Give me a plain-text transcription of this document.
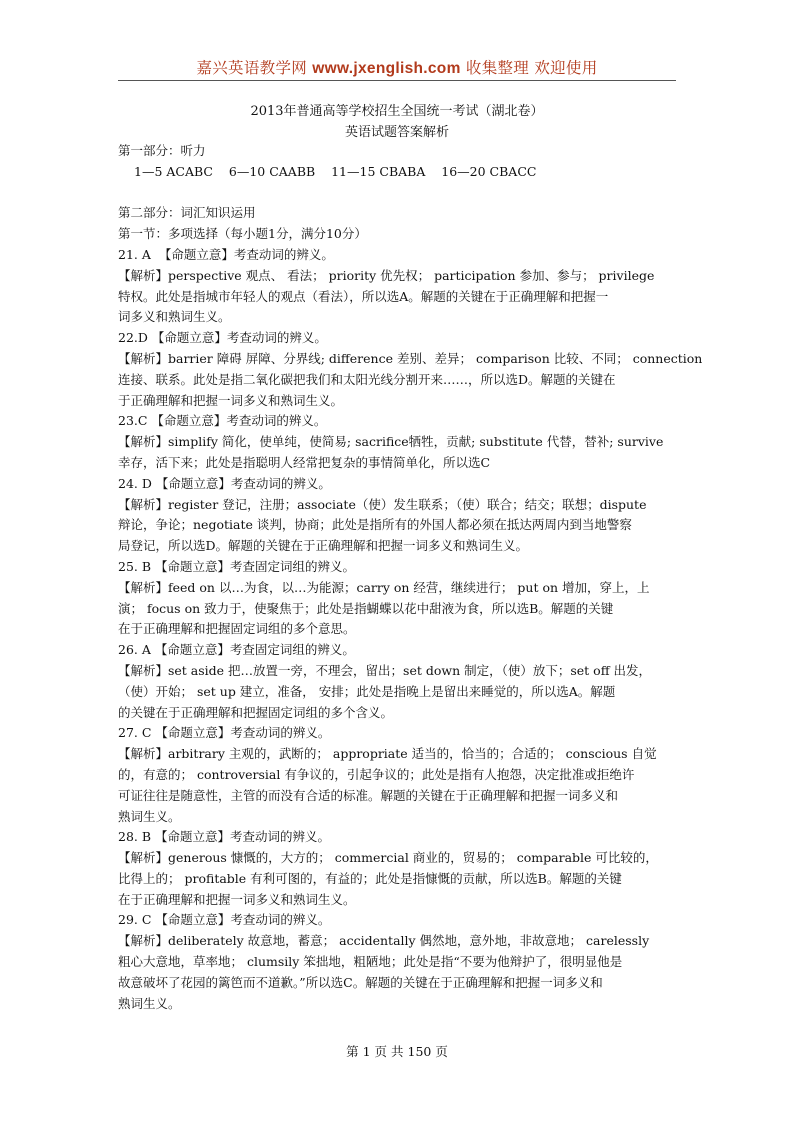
嘉兴英语教学网 www.jxenglish.com 收集整理 欢迎使用
2013年普通高等学校招生全国统一考试（湖北卷）
英语试题答案解析
第一部分：听力
1—5 ACABC    6—10 CAABB    11—15 CBABA    16—20 CBACC
第二部分：词汇知识运用
第一节：多项选择（每小题1分，满分10分）
21. A  【命题立意】考查动词的辨义。
【解析】perspective 观点、 看法； priority 优先权； participation 参加、参与； privilege
特权。此处是指城市年轻人的观点（看法），所以选A。解题的关键在于正确理解和把握一
词多义和熟词生义。
22.D 【命题立意】考查动词的辨义。
【解析】barrier 障碍 屏障、分界线; difference 差别、差异； comparison 比较、不同； connection
连接、联系。此处是指二氧化碳把我们和太阳光线分割开来……，所以选D。解题的关键在
于正确理解和把握一词多义和熟词生义。
23.C 【命题立意】考查动词的辨义。
【解析】simplify 简化，使单纯，使简易; sacrifice牺牲，贡献; substitute 代替，替补; survive
幸存，活下来；此处是指聪明人经常把复杂的事情简单化，所以选C
24. D 【命题立意】考查动词的辨义。
【解析】register 登记，注册；associate（使）发生联系；（使）联合；结交；联想；dispute
辩论，争论；negotiate 谈判，协商；此处是指所有的外国人都必须在抵达两周内到当地警察
局登记，所以选D。解题的关键在于正确理解和把握一词多义和熟词生义。
25. B 【命题立意】考查固定词组的辨义。
【解析】feed on 以…为食，以…为能源；carry on 经营，继续进行； put on 增加，穿上，上
演； focus on 致力于，使聚焦于；此处是指蝴蝶以花中甜液为食，所以选B。解题的关键
在于正确理解和把握固定词组的多个意思。
26. A 【命题立意】考查固定词组的辨义。
【解析】set aside 把…放置一旁，不理会，留出；set down 制定，（使）放下；set off 出发，
（使）开始； set up 建立，准备， 安排；此处是指晚上是留出来睡觉的，所以选A。解题
的关键在于正确理解和把握固定词组的多个含义。
27. C 【命题立意】考查动词的辨义。
【解析】arbitrary 主观的，武断的； appropriate 适当的，恰当的；合适的； conscious 自觉
的，有意的； controversial 有争议的，引起争议的；此处是指有人抱怨，决定批准或拒绝许
可证往往是随意性，主管的而没有合适的标准。解题的关键在于正确理解和把握一词多义和
熟词生义。
28. B 【命题立意】考查动词的辨义。
【解析】generous 慷慨的，大方的； commercial 商业的，贸易的； comparable 可比较的，
比得上的； profitable 有利可图的，有益的；此处是指慷慨的贡献，所以选B。解题的关键
在于正确理解和把握一词多义和熟词生义。
29. C 【命题立意】考查动词的辨义。
【解析】deliberately 故意地，蓄意； accidentally 偶然地，意外地，非故意地； carelessly
粗心大意地，草率地； clumsily 笨拙地，粗陋地；此处是指“不要为他辩护了，很明显他是
故意破坏了花园的篱笆而不道歉。”所以选C。解题的关键在于正确理解和把握一词多义和
熟词生义。
第 1 页 共 150 页
